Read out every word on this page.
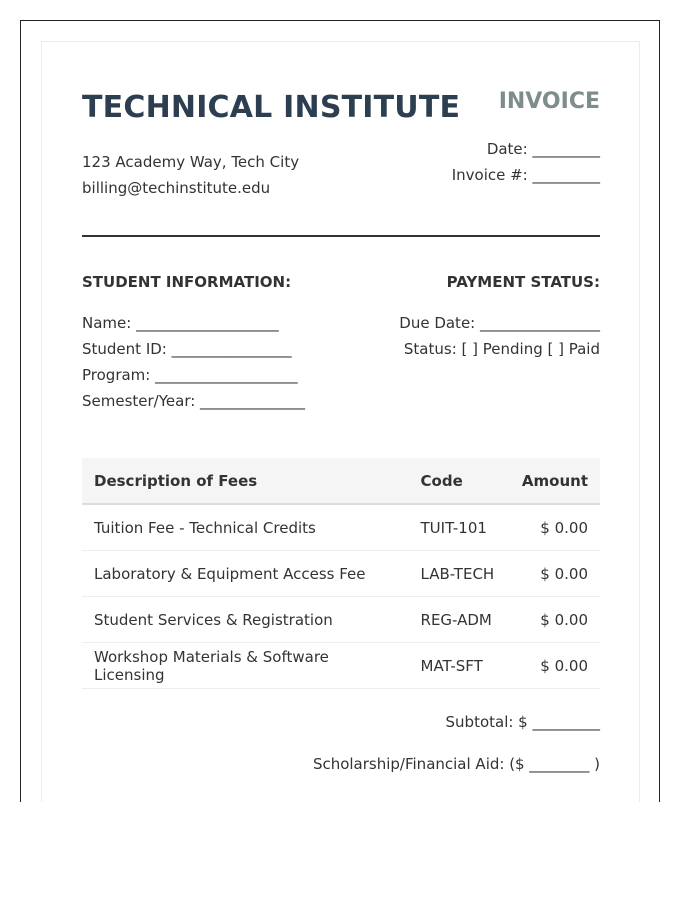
TECHNICAL INSTITUTE INVOICE
123 Academy Way, Tech City
billing@techinstitute.edu
Date: _________
Invoice #: _________
STUDENT INFORMATION:	PAYMENT STATUS:
Name: ___________________
Student ID: ________________
Program: ___________________
Semester/Year: ______________
Due Date: ________________
Status: [ ] Pending [ ] Paid
Description of Fees	Code	Amount
Tuition Fee - Technical Credits	TUIT-101	$ 0.00
Laboratory & Equipment Access Fee	LAB-TECH	$ 0.00
Student Services & Registration	REG-ADM	$ 0.00
Workshop Materials & Software Licensing	MAT-SFT	$ 0.00
Subtotal: $ _________
Scholarship/Financial Aid: ($ ________ )
